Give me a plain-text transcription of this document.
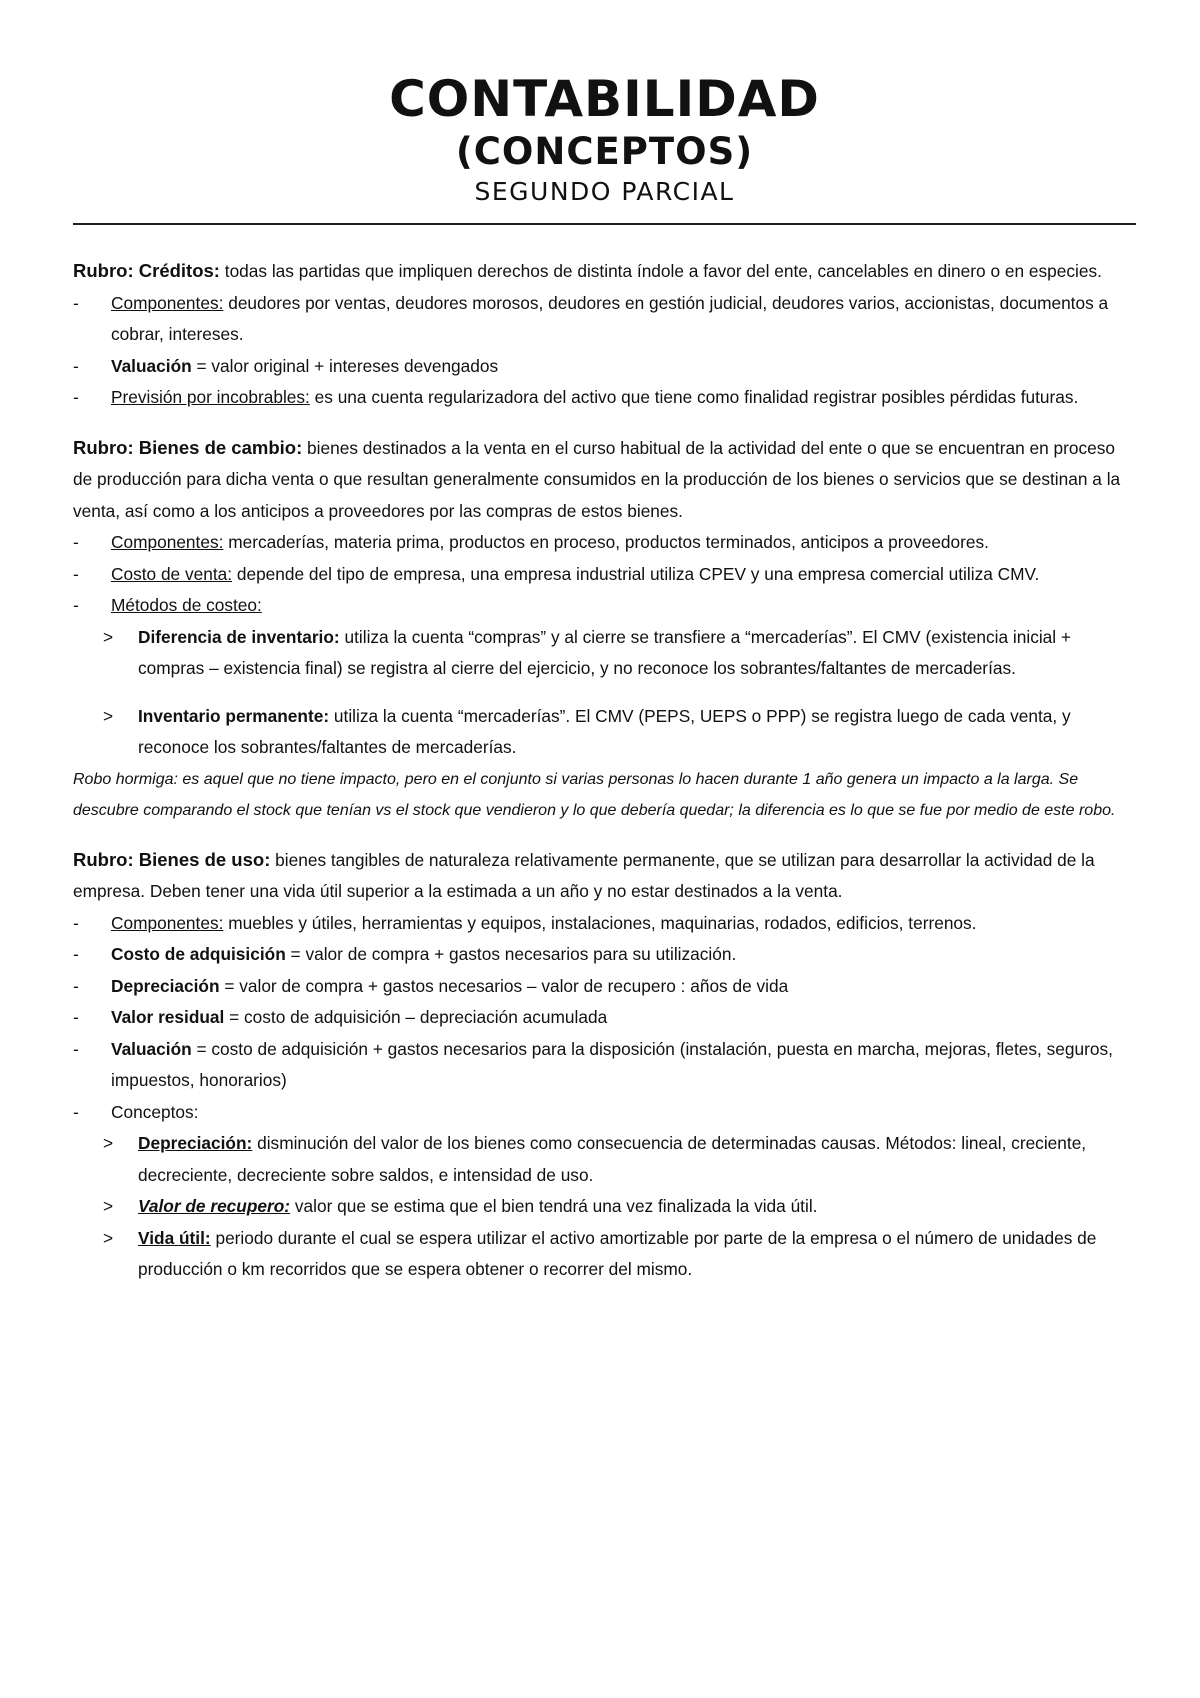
CONTABILIDAD
(CONCEPTOS)
SEGUNDO PARCIAL

Rubro: Créditos: todas las partidas que impliquen derechos de distinta índole a favor del ente, cancelables en dinero o en especies.

- Componentes: deudores por ventas, deudores morosos, deudores en gestión judicial, deudores varios, accionistas, documentos a cobrar, intereses.
- Valuación = valor original + intereses devengados
- Previsión por incobrables: es una cuenta regularizadora del activo que tiene como finalidad registrar posibles pérdidas futuras.

Rubro: Bienes de cambio: bienes destinados a la venta en el curso habitual de la actividad del ente o que se encuentran en proceso de producción para dicha venta o que resultan generalmente consumidos en la producción de los bienes o servicios que se destinan a la venta, así como a los anticipos a proveedores por las compras de estos bienes.

- Componentes: mercaderías, materia prima, productos en proceso, productos terminados, anticipos a proveedores.
- Costo de venta: depende del tipo de empresa, una empresa industrial utiliza CPEV y una empresa comercial utiliza CMV.
- Métodos de costeo:
> Diferencia de inventario: utiliza la cuenta “compras” y al cierre se transfiere a “mercaderías”. El CMV (existencia inicial + compras – existencia final) se registra al cierre del ejercicio, y no reconoce los sobrantes/faltantes de mercaderías.
> Inventario permanente: utiliza la cuenta “mercaderías”. El CMV (PEPS, UEPS o PPP) se registra luego de cada venta, y reconoce los sobrantes/faltantes de mercaderías.

Robo hormiga: es aquel que no tiene impacto, pero en el conjunto si varias personas lo hacen durante 1 año genera un impacto a la larga. Se descubre comparando el stock que tenían vs el stock que vendieron y lo que debería quedar; la diferencia es lo que se fue por medio de este robo.

Rubro: Bienes de uso: bienes tangibles de naturaleza relativamente permanente, que se utilizan para desarrollar la actividad de la empresa. Deben tener una vida útil superior a la estimada a un año y no estar destinados a la venta.

- Componentes: muebles y útiles, herramientas y equipos, instalaciones, maquinarias, rodados, edificios, terrenos.
- Costo de adquisición = valor de compra + gastos necesarios para su utilización.
- Depreciación = valor de compra + gastos necesarios – valor de recupero : años de vida
- Valor residual = costo de adquisición – depreciación acumulada
- Valuación = costo de adquisición + gastos necesarios para la disposición (instalación, puesta en marcha, mejoras, fletes, seguros, impuestos, honorarios)
- Conceptos:
> Depreciación: disminución del valor de los bienes como consecuencia de determinadas causas. Métodos: lineal, creciente, decreciente, decreciente sobre saldos, e intensidad de uso.
> Valor de recupero: valor que se estima que el bien tendrá una vez finalizada la vida útil.
> Vida útil: periodo durante el cual se espera utilizar el activo amortizable por parte de la empresa o el número de unidades de producción o km recorridos que se espera obtener o recorrer del mismo.
